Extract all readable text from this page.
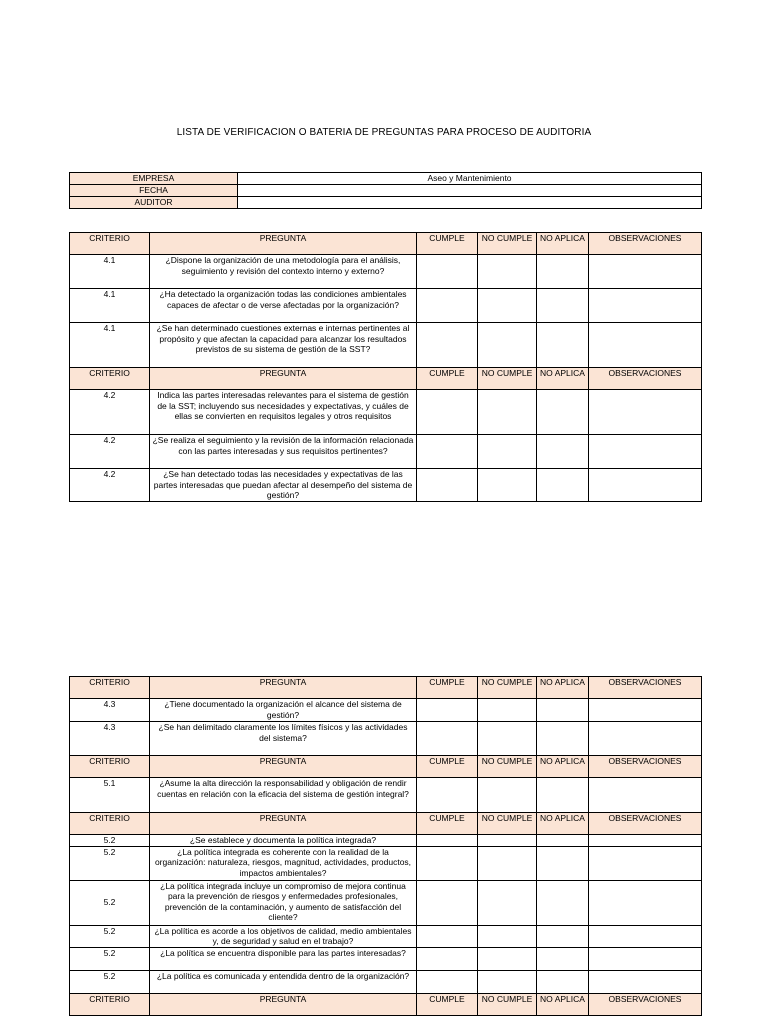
LISTA DE VERIFICACION O BATERIA DE PREGUNTAS PARA PROCESO DE AUDITORIA
EMPRESA	Aseo y Mantenimiento
FECHA	
AUDITOR	
CRITERIO	PREGUNTA	CUMPLE	NO CUMPLE	NO APLICA	OBSERVACIONES
4.1	¿Dispone la organización de una metodología para el análisis, seguimiento y revisión del contexto interno y externo?				
4.1	¿Ha detectado la organización todas las condiciones ambientales capaces de afectar o de verse afectadas por la organización?				
4.1	¿Se han determinado cuestiones externas e internas pertinentes al propósito y que afectan la capacidad para alcanzar los resultados previstos de su sistema de gestión de la SST?				
CRITERIO	PREGUNTA	CUMPLE	NO CUMPLE	NO APLICA	OBSERVACIONES
4.2	Indica las partes interesadas relevantes para el sistema de gestión de la SST; incluyendo sus necesidades y expectativas, y cuáles de ellas se convierten en requisitos legales y otros requisitos				
4.2	¿Se realiza el seguimiento y la revisión de la información relacionada con las partes interesadas y sus requisitos pertinentes?				
4.2	¿Se han detectado todas las necesidades y expectativas de las partes interesadas que puedan afectar al desempeño del sistema de gestión?				
CRITERIO	PREGUNTA	CUMPLE	NO CUMPLE	NO APLICA	OBSERVACIONES
4.3	¿Tiene documentado la organización el alcance del sistema de gestión?				
4.3	¿Se han delimitado claramente los límites físicos y las actividades del sistema?				
CRITERIO	PREGUNTA	CUMPLE	NO CUMPLE	NO APLICA	OBSERVACIONES
5.1	¿Asume la alta dirección la responsabilidad y obligación de rendir cuentas en relación con la eficacia del sistema de gestión integral?				
CRITERIO	PREGUNTA	CUMPLE	NO CUMPLE	NO APLICA	OBSERVACIONES
5.2	¿Se establece y documenta la política integrada?				
5.2	¿La política integrada es coherente con la realidad de la organización: naturaleza, riesgos, magnitud, actividades, productos, impactos ambientales?				
5.2	¿La política integrada incluye un compromiso de mejora continua para la prevención de riesgos y enfermedades profesionales, prevención de la contaminación, y aumento de satisfacción del cliente?				
5.2	¿La política es acorde a los objetivos de calidad, medio ambientales y, de seguridad y salud en el trabajo?				
5.2	¿La política se encuentra disponible para las partes interesadas?				
5.2	¿La política es comunicada y entendida dentro de la organización?				
CRITERIO	PREGUNTA	CUMPLE	NO CUMPLE	NO APLICA	OBSERVACIONES
